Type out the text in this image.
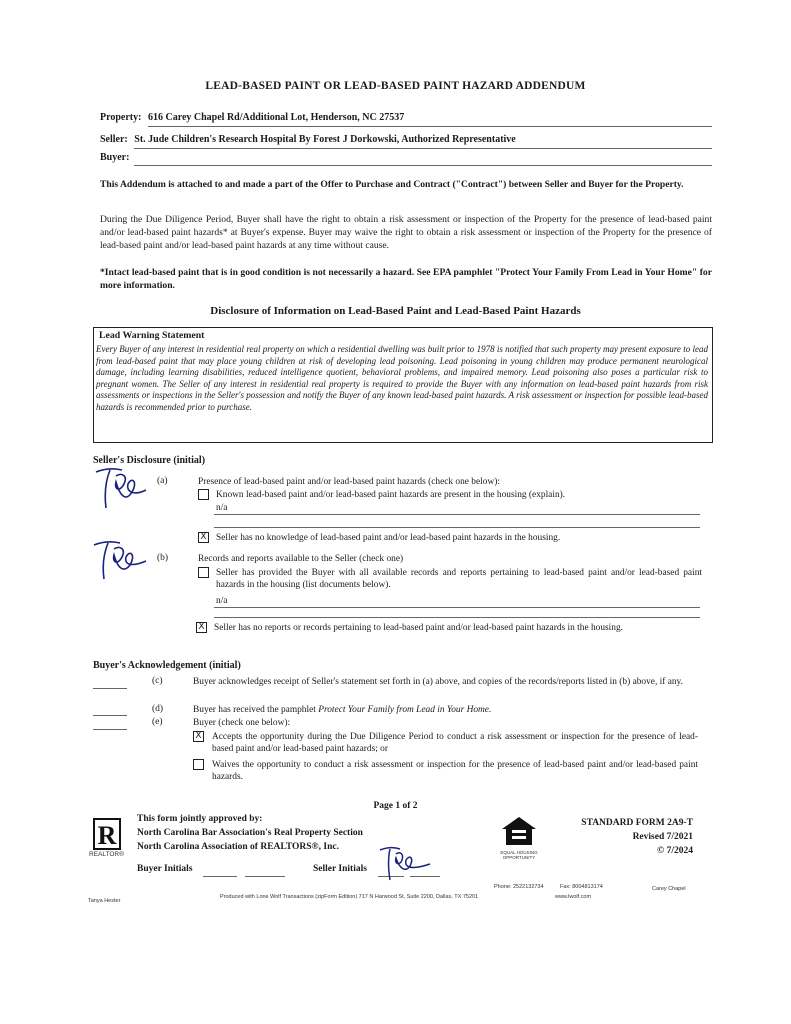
LEAD-BASED PAINT OR LEAD-BASED PAINT HAZARD ADDENDUM
Property: 616 Carey Chapel Rd/Additional Lot, Henderson, NC 27537
Seller: St. Jude Children's Research Hospital By Forest J Dorkowski, Authorized Representative
Buyer:
This Addendum is attached to and made a part of the Offer to Purchase and Contract ("Contract") between Seller and Buyer for the Property.
During the Due Diligence Period, Buyer shall have the right to obtain a risk assessment or inspection of the Property for the presence of lead-based paint and/or lead-based paint hazards* at Buyer's expense. Buyer may waive the right to obtain a risk assessment or inspection of the Property for the presence of lead-based paint and/or lead-based paint hazards at any time without cause.
*Intact lead-based paint that is in good condition is not necessarily a hazard. See EPA pamphlet "Protect Your Family From Lead in Your Home" for more information.
Disclosure of Information on Lead-Based Paint and Lead-Based Paint Hazards
Lead Warning Statement
Every Buyer of any interest in residential real property on which a residential dwelling was built prior to 1978 is notified that such property may present exposure to lead from lead-based paint that may place young children at risk of developing lead poisoning. Lead poisoning in young children may produce permanent neurological damage, including learning disabilities, reduced intelligence quotient, behavioral problems, and impaired memory. Lead poisoning also poses a particular risk to pregnant women. The Seller of any interest in residential real property is required to provide the Buyer with any information on lead-based paint hazards from risk assessments or inspections in the Seller's possession and notify the Buyer of any known lead-based paint hazards. A risk assessment or inspection for possible lead-based hazards is recommended prior to purchase.
Seller's Disclosure (initial)
(a)	Presence of lead-based paint and/or lead-based paint hazards (check one below):
Known lead-based paint and/or lead-based paint hazards are present in the housing (explain).
n/a
X Seller has no knowledge of lead-based paint and/or lead-based paint hazards in the housing.
(b)	Records and reports available to the Seller (check one)
Seller has provided the Buyer with all available records and reports pertaining to lead-based paint and/or lead-based paint hazards in the housing (list documents below).
n/a
X Seller has no reports or records pertaining to lead-based paint and/or lead-based paint hazards in the housing.
Buyer's Acknowledgement (initial)
(c)	Buyer acknowledges receipt of Seller's statement set forth in (a) above, and copies of the records/reports listed in (b) above, if any.
(d)	Buyer has received the pamphlet Protect Your Family from Lead in Your Home.
(e)	Buyer (check one below):
X Accepts the opportunity during the Due Diligence Period to conduct a risk assessment or inspection for the presence of lead-based paint and/or lead-based paint hazards; or
Waives the opportunity to conduct a risk assessment or inspection for the presence of lead-based paint and/or lead-based paint hazards.
Page 1 of 2
R
REALTOR®
This form jointly approved by:
North Carolina Bar Association's Real Property Section
North Carolina Association of REALTORS®, Inc.
Buyer Initials	Seller Initials
EQUAL HOUSING OPPORTUNITY
STANDARD FORM 2A9-T
Revised 7/2021
© 7/2024
Phone: 2522132734	Fax: 8004813174	Carey Chapel
Tanya Hester
Produced with Lone Wolf Transactions (zipForm Edition) 717 N Harwood St, Suite 2200, Dallas, TX 75201	www.lwolf.com
